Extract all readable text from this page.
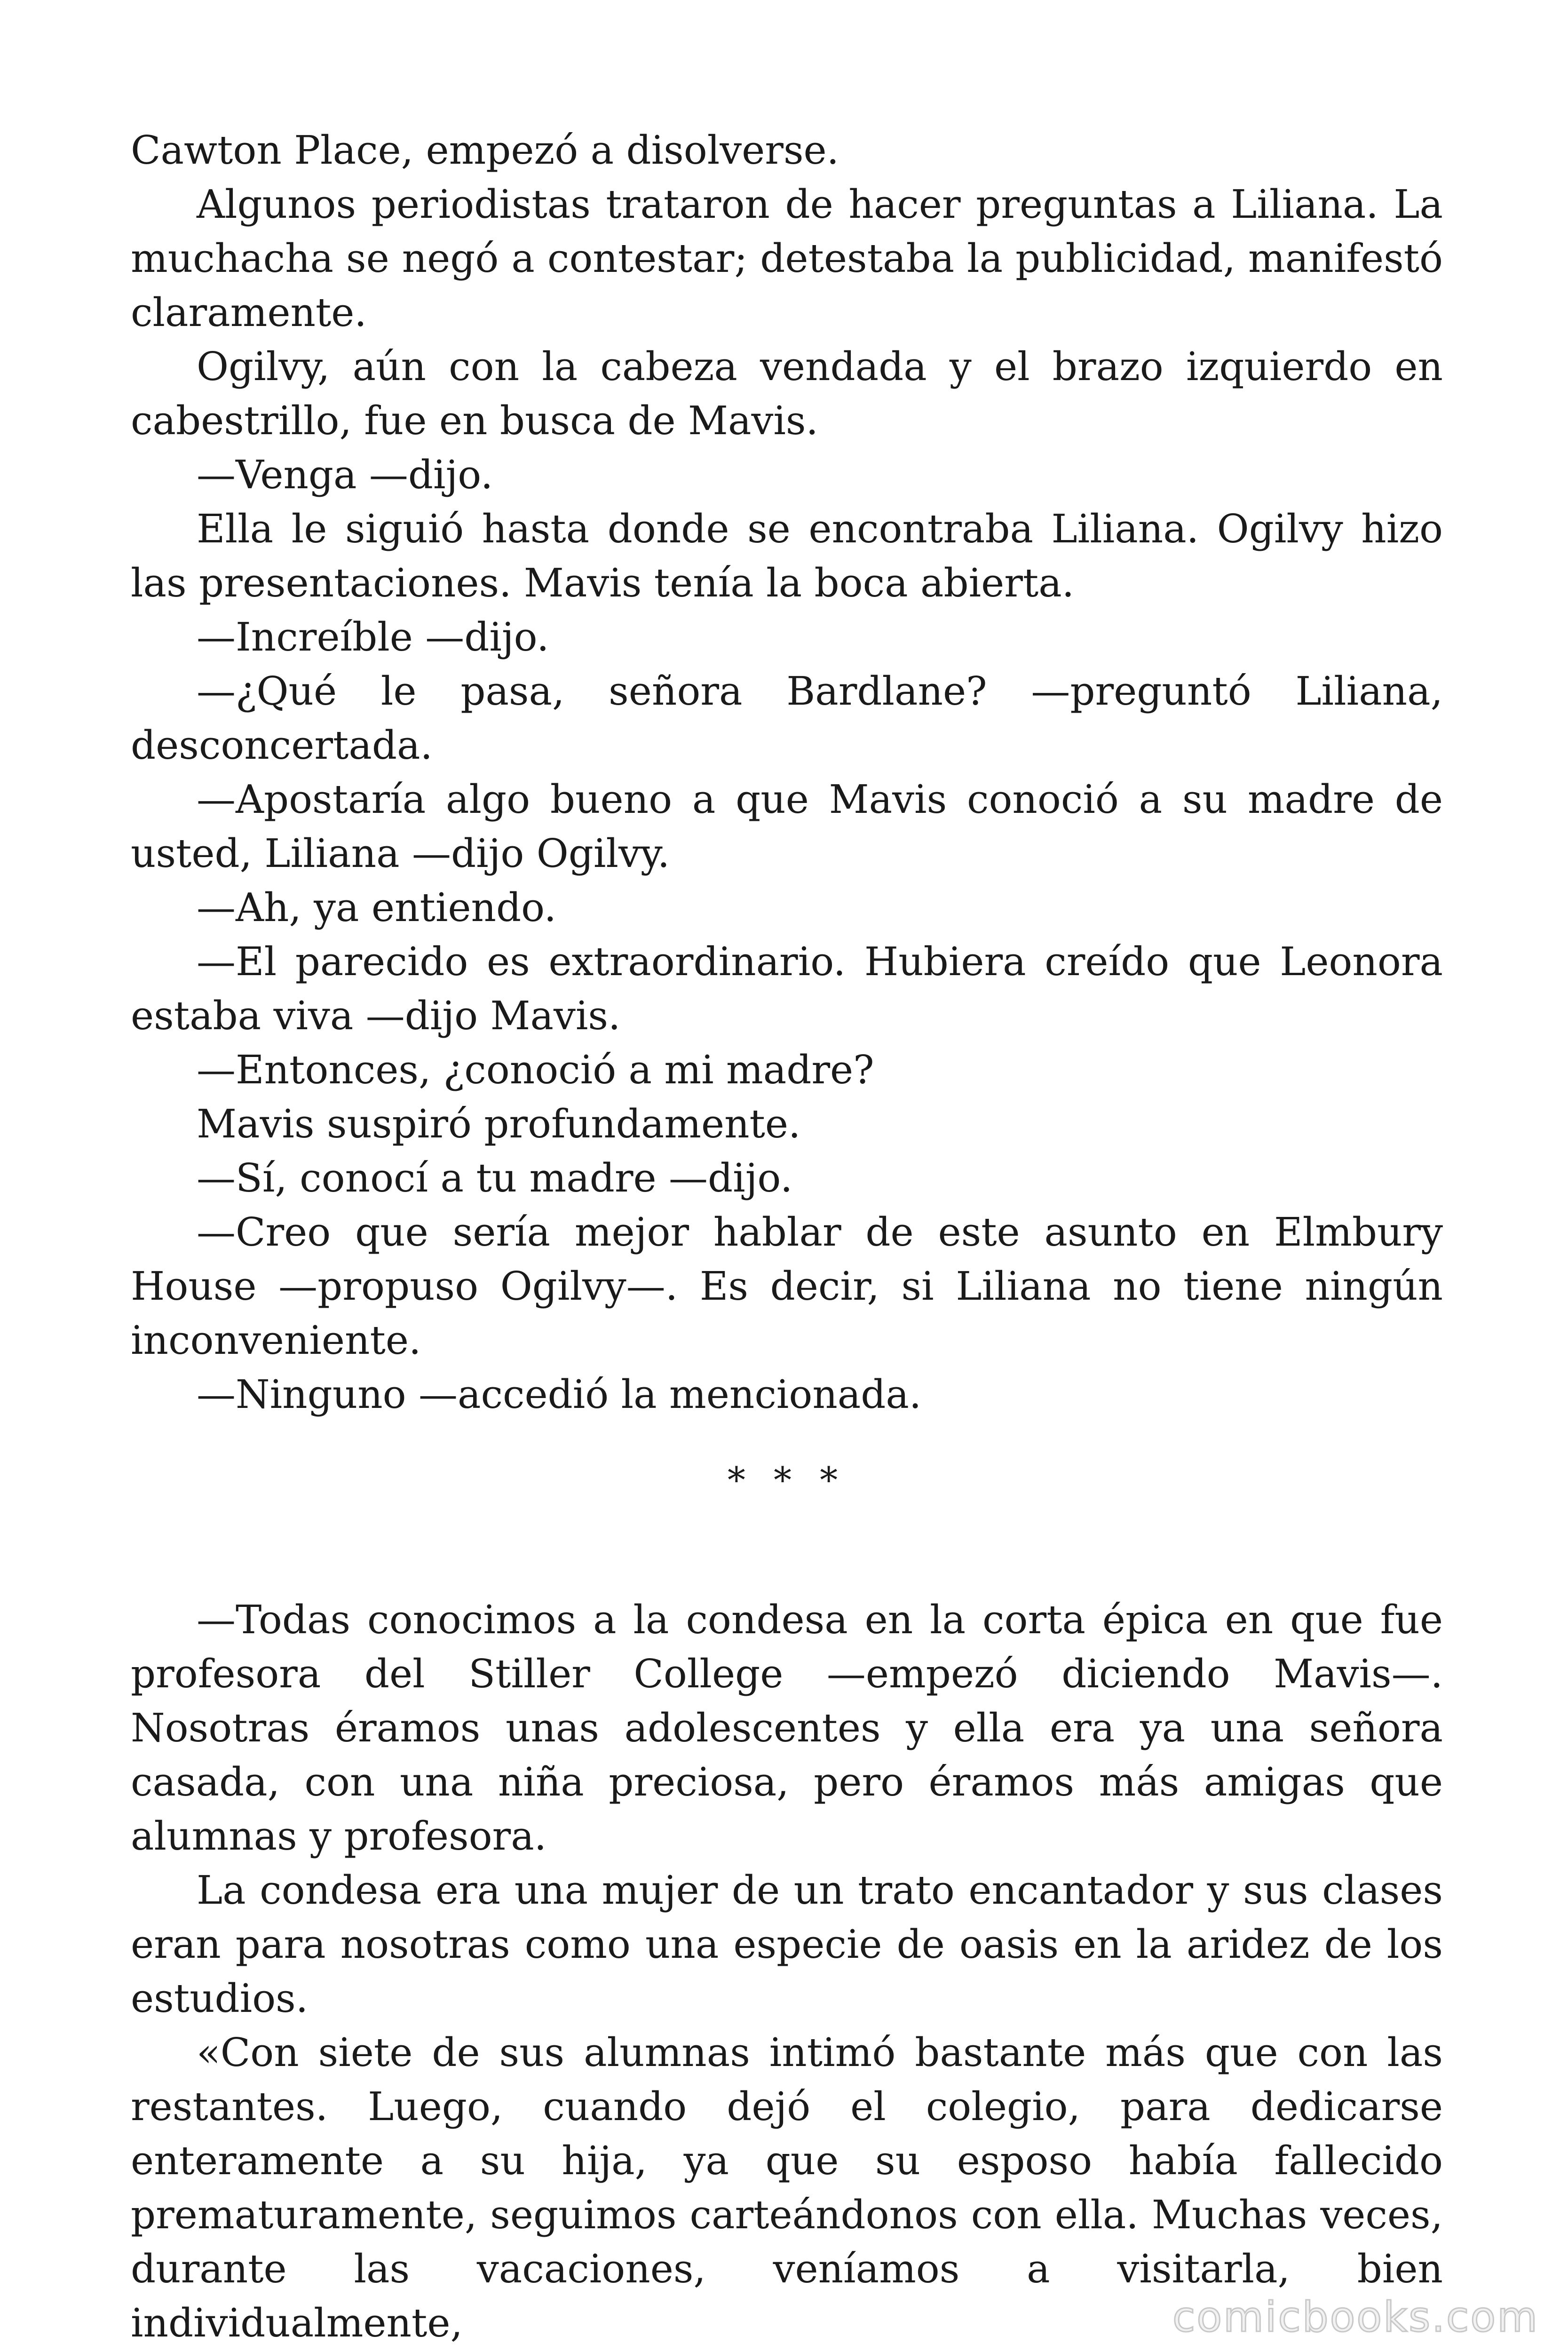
Cawton Place, empezó a disolverse.

Algunos periodistas trataron de hacer preguntas a Liliana. La muchacha se negó a contestar; detestaba la publicidad, manifestó claramente.

Ogilvy, aún con la cabeza vendada y el brazo izquierdo en cabestrillo, fue en busca de Mavis.

—Venga —dijo.

Ella le siguió hasta donde se encontraba Liliana. Ogilvy hizo las presentaciones. Mavis tenía la boca abierta.

—Increíble —dijo.

—¿Qué le pasa, señora Bardlane? —preguntó Liliana, desconcertada.

—Apostaría algo bueno a que Mavis conoció a su madre de usted, Liliana —dijo Ogilvy.

—Ah, ya entiendo.

—El parecido es extraordinario. Hubiera creído que Leonora estaba viva —dijo Mavis.

—Entonces, ¿conoció a mi madre?

Mavis suspiró profundamente.

—Sí, conocí a tu madre —dijo.

—Creo que sería mejor hablar de este asunto en Elmbury House —propuso Ogilvy—. Es decir, si Liliana no tiene ningún inconveniente.

—Ninguno —accedió la mencionada.

* * *

—Todas conocimos a la condesa en la corta épica en que fue profesora del Stiller College —empezó diciendo Mavis—. Nosotras éramos unas adolescentes y ella era ya una señora casada, con una niña preciosa, pero éramos más amigas que alumnas y profesora.

La condesa era una mujer de un trato encantador y sus clases eran para nosotras como una especie de oasis en la aridez de los estudios.

«Con siete de sus alumnas intimó bastante más que con las restantes. Luego, cuando dejó el colegio, para dedicarse enteramente a su hija, ya que su esposo había fallecido prematuramente, seguimos carteándonos con ella. Muchas veces, durante las vacaciones, veníamos a visitarla, bien individualmente,	comicbooks.com
